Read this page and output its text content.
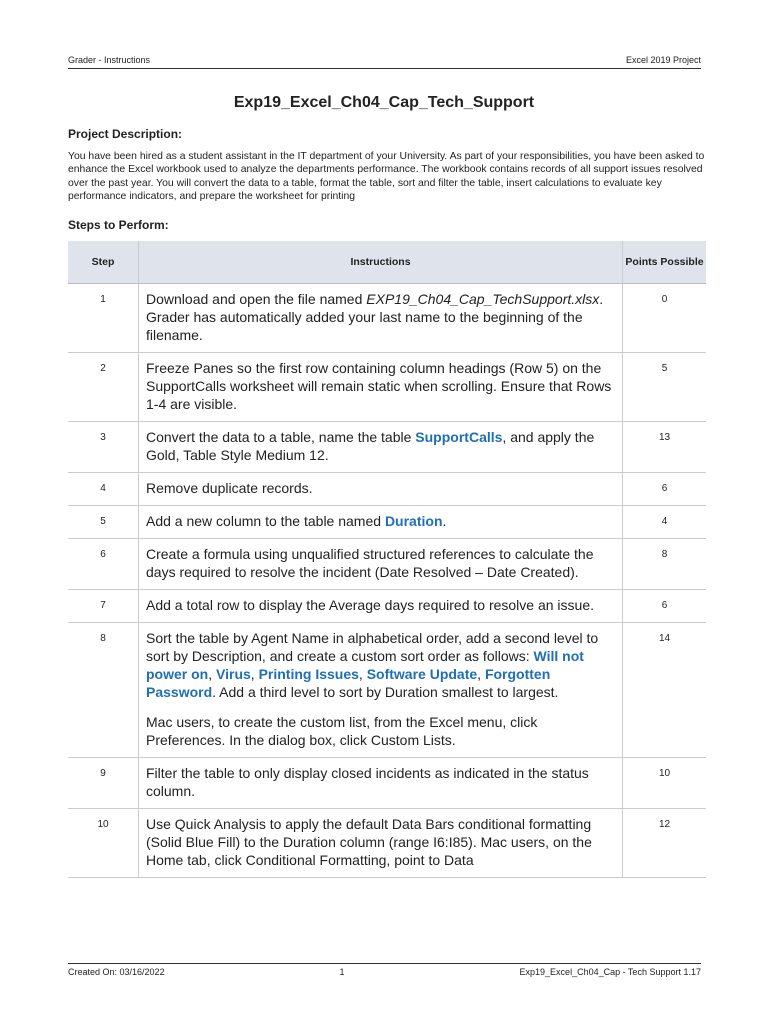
Grader - Instructions	Excel 2019 Project
Exp19_Excel_Ch04_Cap_Tech_Support
Project Description:
You have been hired as a student assistant in the IT department of your University. As part of your responsibilities, you have been asked to enhance the Excel workbook used to analyze the departments performance. The workbook contains records of all support issues resolved over the past year. You will convert the data to a table, format the table, sort and filter the table, insert calculations to evaluate key performance indicators, and prepare the worksheet for printing
Steps to Perform:
Step	Instructions	Points Possible
1	Download and open the file named EXP19_Ch04_Cap_TechSupport.xlsx. Grader has automatically added your last name to the beginning of the filename.	0
2	Freeze Panes so the first row containing column headings (Row 5) on the SupportCalls worksheet will remain static when scrolling. Ensure that Rows 1-4 are visible.	5
3	Convert the data to a table, name the table SupportCalls, and apply the Gold, Table Style Medium 12.	13
4	Remove duplicate records.	6
5	Add a new column to the table named Duration.	4
6	Create a formula using unqualified structured references to calculate the days required to resolve the incident (Date Resolved – Date Created).	8
7	Add a total row to display the Average days required to resolve an issue.	6
8	Sort the table by Agent Name in alphabetical order, add a second level to sort by Description, and create a custom sort order as follows: Will not power on, Virus, Printing Issues, Software Update, Forgotten Password. Add a third level to sort by Duration smallest to largest.
Mac users, to create the custom list, from the Excel menu, click Preferences. In the dialog box, click Custom Lists.	14
9	Filter the table to only display closed incidents as indicated in the status column.	10
10	Use Quick Analysis to apply the default Data Bars conditional formatting (Solid Blue Fill) to the Duration column (range I6:I85). Mac users, on the Home tab, click Conditional Formatting, point to Data	12
Created On: 03/16/2022	1	Exp19_Excel_Ch04_Cap - Tech Support 1.17
